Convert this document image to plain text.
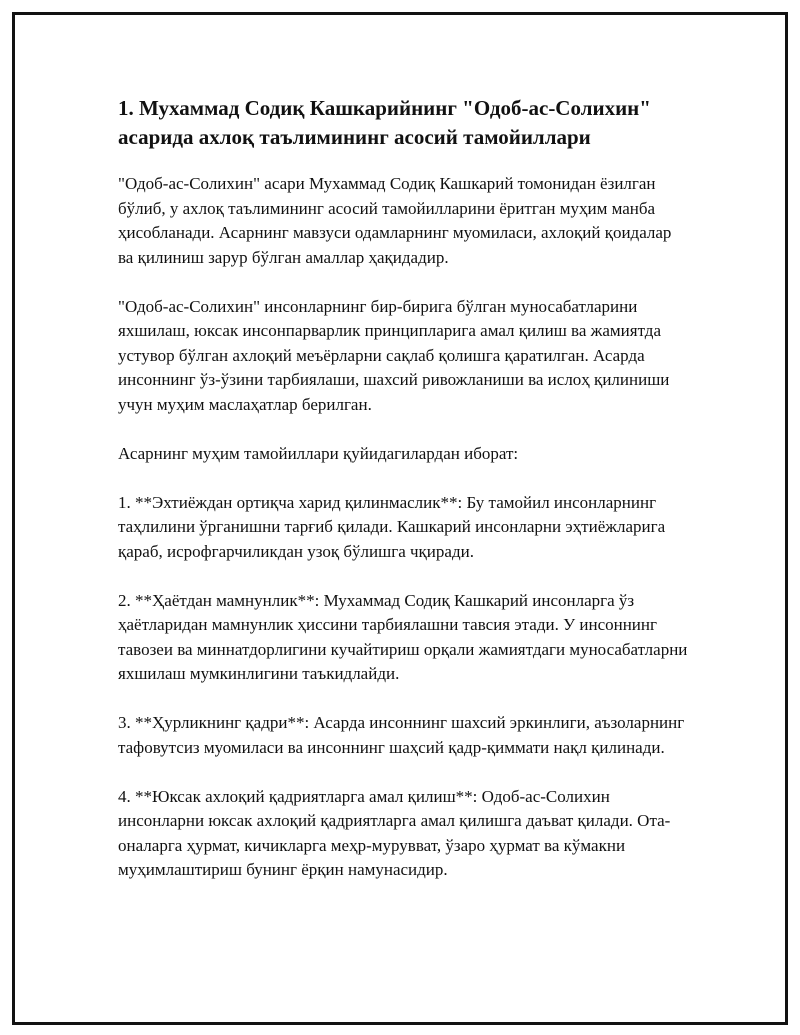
1. Мухаммад Содиқ Кашкарийнинг "Одоб-ас-Солихин" асарида ахлоқ таълимининг асосий тамойиллари

"Одоб-ас-Солихин" асари Мухаммад Содиқ Кашкарий томонидан ёзилган бўлиб, у ахлоқ таълимининг асосий тамойилларини ёритган муҳим манба ҳисобланади. Асарнинг мавзуси одамларнинг муомиласи, ахлоқий қоидалар ва қилиниш зарур бўлган амаллар ҳақидадир.

"Одоб-ас-Солихин" инсонларнинг бир-бирига бўлган муносабатларини яхшилаш, юксак инсонпарварлик принципларига амал қилиш ва жамиятда устувор бўлган ахлоқий меъёрларни сақлаб қолишга қаратилган. Асарда инсоннинг ўз-ўзини тарбиялаши, шахсий ривожланиши ва ислоҳ қилиниши учун муҳим маслаҳатлар берилган.

Асарнинг муҳим тамойиллари қуйидагилардан иборат:

1. **Эхтиёждан ортиқча харид қилинмаслик**: Бу тамойил инсонларнинг таҳлилини ўрганишни тарғиб қилади. Кашкарий инсонларни эҳтиёжларига қараб, исрофгарчиликдан узоқ бўлишга чқиради.

2. **Ҳаётдан мамнунлик**: Мухаммад Содиқ Кашкарий инсонларга ўз ҳаётларидан мамнунлик ҳиссини тарбиялашни тавсия этади. У инсоннинг тавозеи ва миннатдорлигини кучайтириш орқали жамиятдаги муносабатларни яхшилаш мумкинлигини таъкидлайди.

3. **Ҳурликнинг қадри**: Асарда инсоннинг шахсий эркинлиги, аъзоларнинг тафовутсиз муомиласи ва инсоннинг шаҳсий қадр-қиммати нақл қилинади.

4. **Юксак ахлоқий қадриятларга амал қилиш**: Одоб-ас-Солихин инсонларни юксак ахлоқий қадриятларга амал қилишга даъват қилади. Ота-оналарга ҳурмат, кичикларга меҳр-мурувват, ўзаро ҳурмат ва кўмакни муҳимлаштириш бунинг ёрқин намунасидир.
